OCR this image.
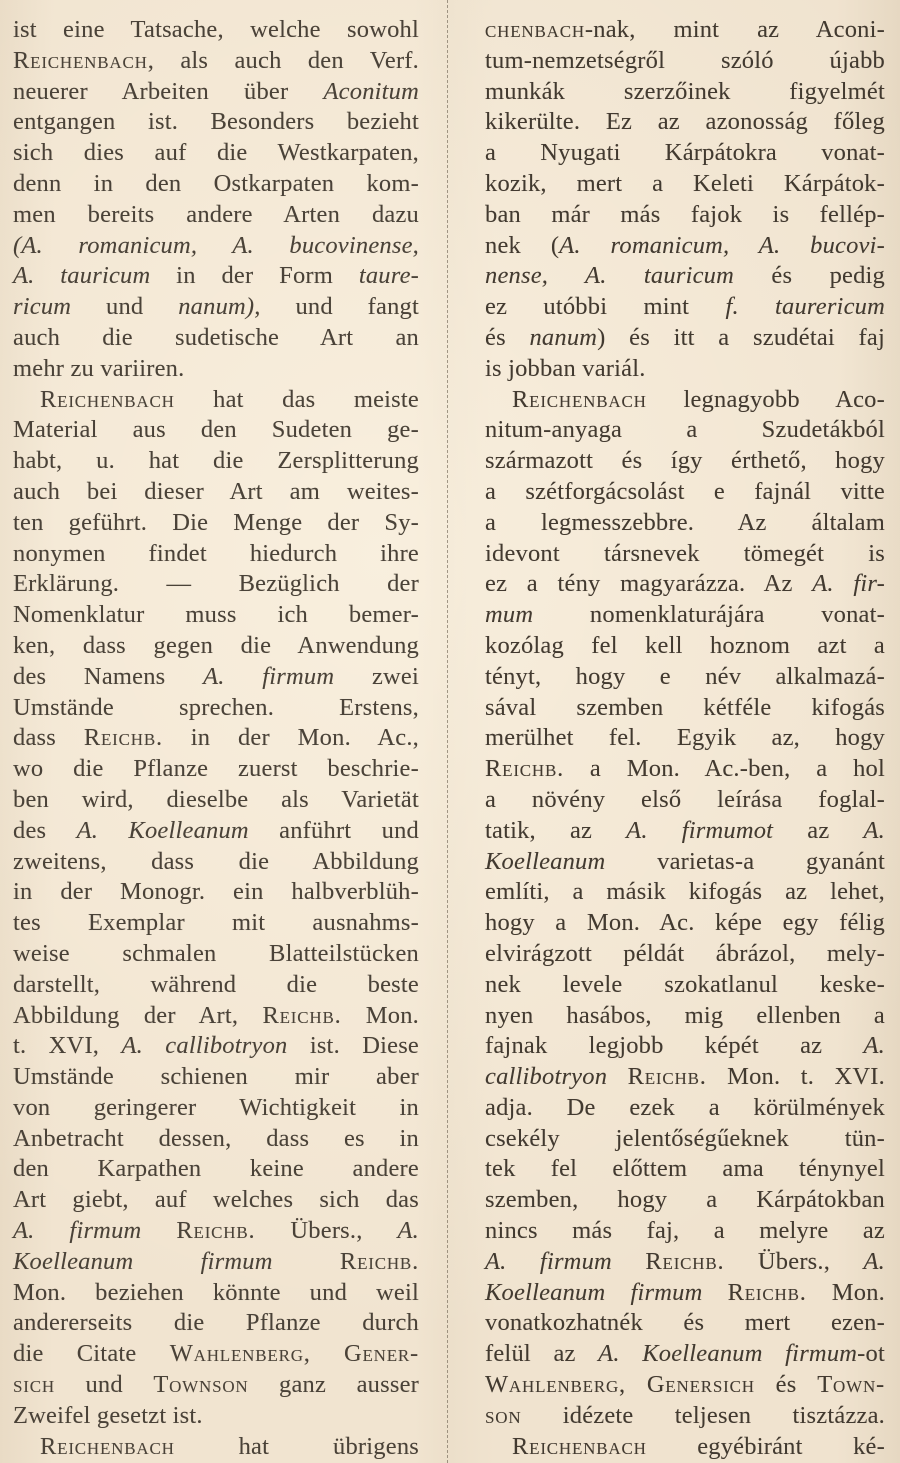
ist eine Tatsache, welche sowohl
Reichenbach, als auch den Verf.
neuerer Arbeiten über Aconitum
entgangen ist. Besonders bezieht
sich dies auf die Westkarpaten,
denn in den Ostkarpaten kom-
men bereits andere Arten dazu
(A. romanicum, A. bucovinense,
A. tauricum in der Form taure-
ricum und nanum), und fangt
auch die sudetische Art an
mehr zu variiren.
Reichenbach hat das meiste
Material aus den Sudeten ge-
habt, u. hat die Zersplitterung
auch bei dieser Art am weites-
ten geführt. Die Menge der Sy-
nonymen findet hiedurch ihre
Erklärung. — Bezüglich der
Nomenklatur muss ich bemer-
ken, dass gegen die Anwendung
des Namens A. firmum zwei
Umstände sprechen. Erstens,
dass Reichb. in der Mon. Ac.,
wo die Pflanze zuerst beschrie-
ben wird, dieselbe als Varietät
des A. Koelleanum anführt und
zweitens, dass die Abbildung
in der Monogr. ein halbverblüh-
tes Exemplar mit ausnahms-
weise schmalen Blatteilstücken
darstellt, während die beste
Abbildung der Art, Reichb. Mon.
t. XVI, A. callibotryon ist. Diese
Umstände schienen mir aber
von geringerer Wichtigkeit in
Anbetracht dessen, dass es in
den Karpathen keine andere
Art giebt, auf welches sich das
A. firmum Reichb. Übers., A.
Koelleanum firmum	Reichb.
Mon. beziehen könnte und weil
andererseits die Pflanze durch
die Citate Wahlenberg, Gener-
sich und Townson ganz ausser
Zweifel gesetzt ist.
Reichenbach hat übrigens
chenbach-nak, mint az Aconi-
tum-nemzetségről szóló újabb
munkák szerzőinek figyelmét
kikerülte. Ez az azonosság főleg
a Nyugati Kárpátokra vonat-
kozik, mert a Keleti Kárpátok-
ban már más fajok is fellép-
nek (A. romanicum, A. bucovi-
nense, A. tauricum és pedig
ez utóbbi mint f. taurericum
és nanum) és itt a szudétai faj
is jobban variál.
Reichenbach legnagyobb Aco-
nitum-anyaga a Szudetákból
származott és így érthető, hogy
a szétforgácsolást e fajnál vitte
a legmesszebbre. Az általam
idevont társnevek tömegét is
ez a tény magyarázza. Az A. fir-
mum nomenklaturájára vonat-
kozólag fel kell hoznom azt a
tényt, hogy e név alkalmazá-
sával szemben kétféle kifogás
merülhet fel. Egyik az, hogy
Reichb. a Mon. Ac.-ben, a hol
a növény első leírása foglal-
tatik, az A. firmumot az A.
Koelleanum varietas-a gyanánt
említi, a másik kifogás az lehet,
hogy a Mon. Ac. képe egy félig
elvirágzott példát ábrázol, mely-
nek levele szokatlanul keske-
nyen hasábos, mig ellenben a
fajnak legjobb képét az A.
callibotryon Reichb. Mon. t. XVI.
adja. De ezek a körülmények
csekély jelentőségűeknek tün-
tek fel előttem ama ténynyel
szemben, hogy a Kárpátokban
nincs más faj, a melyre az
A. firmum Reichb. Übers., A.
Koelleanum firmum Reichb. Mon.
vonatkozhatnék és mert ezen-
felül az A. Koelleanum firmum-ot
Wahlenberg, Genersich és Town-
son idézete teljesen tisztázza.
Reichenbach egyébiránt ké-
